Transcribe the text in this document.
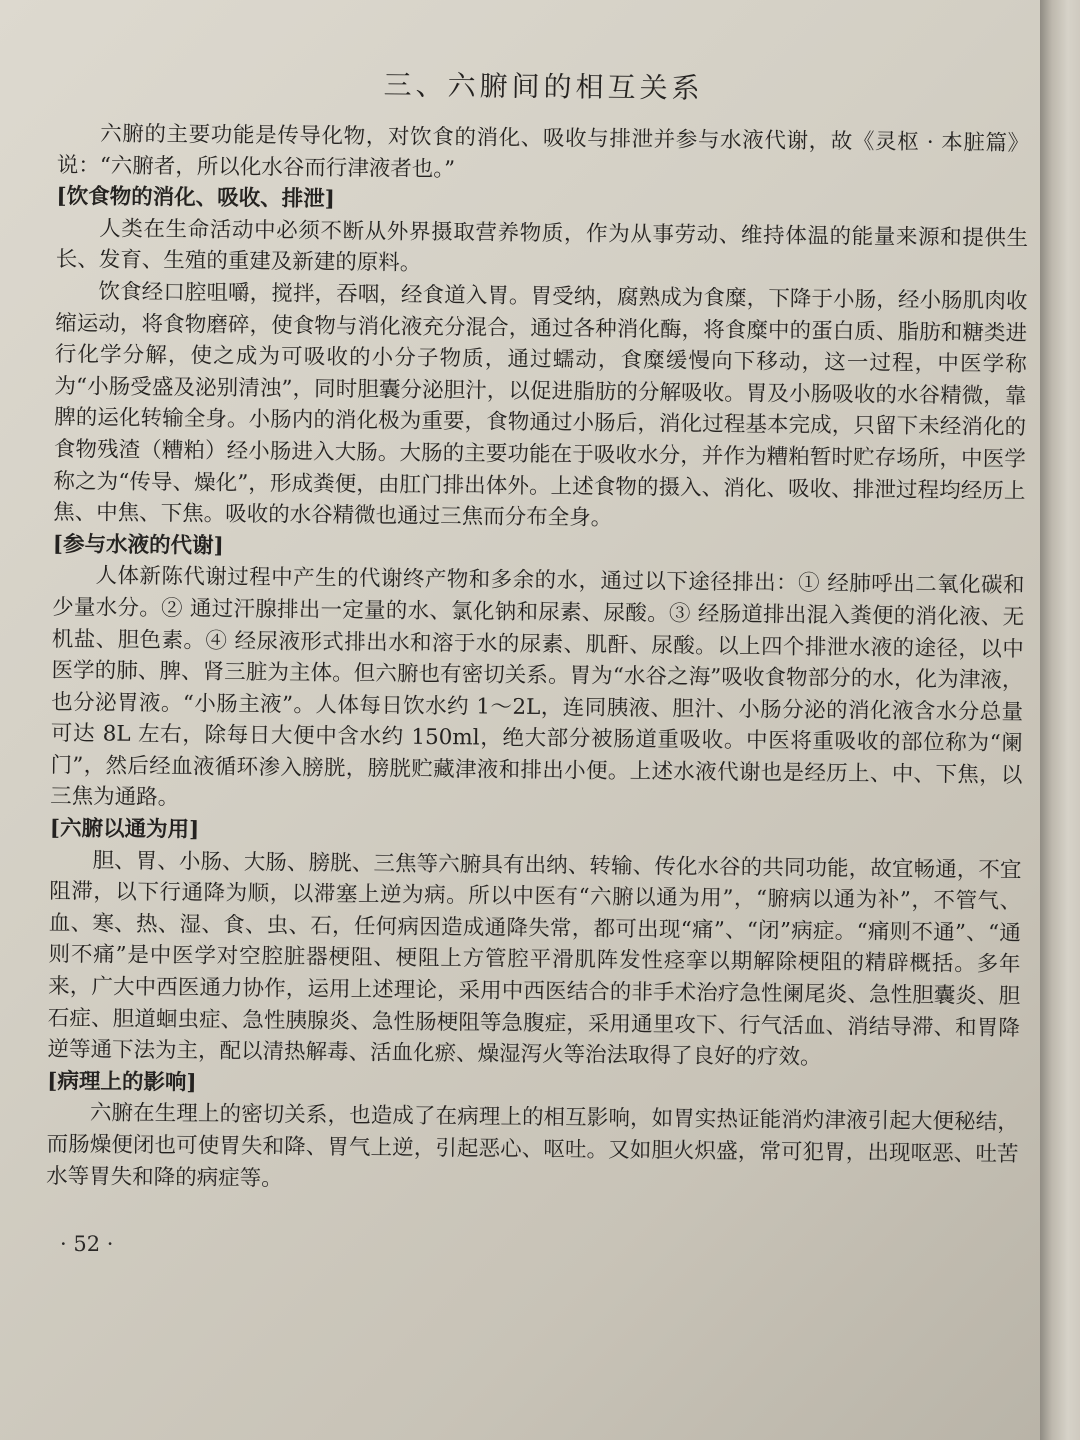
三、六腑间的相互关系

六腑的主要功能是传导化物，对饮食的消化、吸收与排泄并参与水液代谢，故《灵枢 · 本脏篇》说：“六腑者，所以化水谷而行津液者也。”

[饮食物的消化、吸收、排泄]

人类在生命活动中必须不断从外界摄取营养物质，作为从事劳动、维持体温的能量来源和提供生长、发育、生殖的重建及新建的原料。

饮食经口腔咀嚼，搅拌，吞咽，经食道入胃。胃受纳，腐熟成为食糜，下降于小肠，经小肠肌肉收缩运动，将食物磨碎，使食物与消化液充分混合，通过各种消化酶，将食糜中的蛋白质、脂肪和糖类进行化学分解，使之成为可吸收的小分子物质，通过蠕动，食糜缓慢向下移动，这一过程，中医学称为“小肠受盛及泌别清浊”，同时胆囊分泌胆汁，以促进脂肪的分解吸收。胃及小肠吸收的水谷精微，靠脾的运化转输全身。小肠内的消化极为重要，食物通过小肠后，消化过程基本完成，只留下未经消化的食物残渣（糟粕）经小肠进入大肠。大肠的主要功能在于吸收水分，并作为糟粕暂时贮存场所，中医学称之为“传导、燥化”，形成粪便，由肛门排出体外。上述食物的摄入、消化、吸收、排泄过程均经历上焦、中焦、下焦。吸收的水谷精微也通过三焦而分布全身。

[参与水液的代谢]

人体新陈代谢过程中产生的代谢终产物和多余的水，通过以下途径排出：① 经肺呼出二氧化碳和少量水分。② 通过汗腺排出一定量的水、氯化钠和尿素、尿酸。③ 经肠道排出混入粪便的消化液、无机盐、胆色素。④ 经尿液形式排出水和溶于水的尿素、肌酐、尿酸。以上四个排泄水液的途径，以中医学的肺、脾、肾三脏为主体。但六腑也有密切关系。胃为“水谷之海”吸收食物部分的水，化为津液，也分泌胃液。“小肠主液”。人体每日饮水约 1～2L，连同胰液、胆汁、小肠分泌的消化液含水分总量可达 8L 左右，除每日大便中含水约 150ml，绝大部分被肠道重吸收。中医将重吸收的部位称为“阑门”，然后经血液循环渗入膀胱，膀胱贮藏津液和排出小便。上述水液代谢也是经历上、中、下焦，以三焦为通路。

[六腑以通为用]

胆、胃、小肠、大肠、膀胱、三焦等六腑具有出纳、转输、传化水谷的共同功能，故宜畅通，不宜阻滞，以下行通降为顺，以滞塞上逆为病。所以中医有“六腑以通为用”，“腑病以通为补”，不管气、血、寒、热、湿、食、虫、石，任何病因造成通降失常，都可出现“痛”、“闭”病症。“痛则不通”、“通则不痛”是中医学对空腔脏器梗阻、梗阻上方管腔平滑肌阵发性痉挛以期解除梗阻的精辟概括。多年来，广大中西医通力协作，运用上述理论，采用中西医结合的非手术治疗急性阑尾炎、急性胆囊炎、胆石症、胆道蛔虫症、急性胰腺炎、急性肠梗阻等急腹症，采用通里攻下、行气活血、消结导滞、和胃降逆等通下法为主，配以清热解毒、活血化瘀、燥湿泻火等治法取得了良好的疗效。

[病理上的影响]

六腑在生理上的密切关系，也造成了在病理上的相互影响，如胃实热证能消灼津液引起大便秘结，而肠燥便闭也可使胃失和降、胃气上逆，引起恶心、呕吐。又如胆火炽盛，常可犯胃，出现呕恶、吐苦水等胃失和降的病症等。

· 52 ·
